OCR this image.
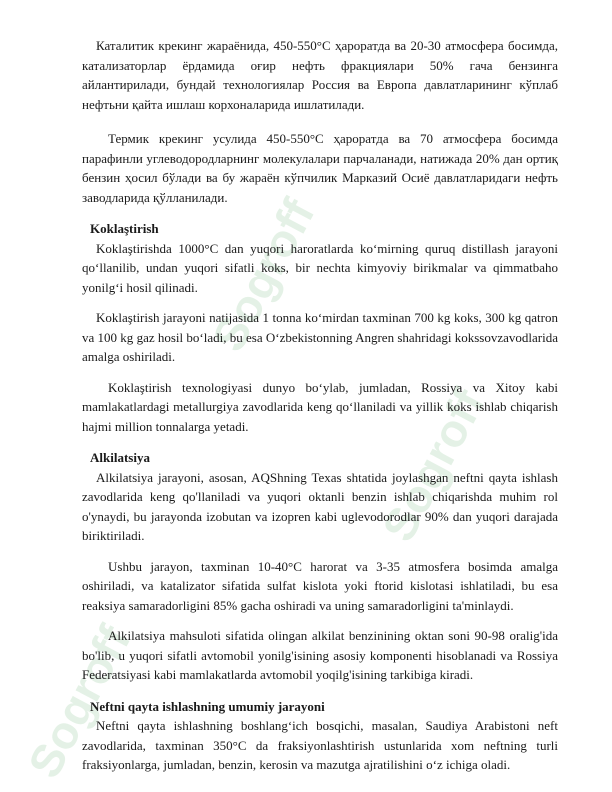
Sogroff
Sogroff
Sogroff

Каталитик крекинг жараёнида, 450-550°С ҳароратда ва 20-30 атмосфера босимда, катализаторлар ёрдамида оғир нефть фракциялари 50% гача бензинга айлантирилади, бундай технологиялар Россия ва Европа давлатларининг кўплаб нефтьни қайта ишлаш корхоналарида ишлатилади.

Термик крекинг усулида 450-550°С ҳароратда ва 70 атмосфера босимда парафинли углеводородларнинг молекулалари парчаланади, натижада 20% дан ортиқ бензин ҳосил бўлади ва бу жараён кўпчилик Марказий Осиё давлатларидаги нефть заводларида қўлланилади.

Koklaştirish

Koklaştirishda 1000°C dan yuqori haroratlarda ko‘mirning quruq distillash jarayoni qo‘llanilib, undan yuqori sifatli koks, bir nechta kimyoviy birikmalar va qimmatbaho yonilg‘i hosil qilinadi.

Koklaştirish jarayoni natijasida 1 tonna ko‘mirdan taxminan 700 kg koks, 300 kg qatron va 100 kg gaz hosil bo‘ladi, bu esa O‘zbekistonning Angren shahridagi kokssovzavodlarida amalga oshiriladi.

Koklaştirish texnologiyasi dunyo bo‘ylab, jumladan, Rossiya va Xitoy kabi mamlakatlardagi metallurgiya zavodlarida keng qo‘llaniladi va yillik koks ishlab chiqarish hajmi million tonnalarga yetadi.

Alkilatsiya

Alkilatsiya jarayoni, asosan, AQShning Texas shtatida joylashgan neftni qayta ishlash zavodlarida keng qo'llaniladi va yuqori oktanli benzin ishlab chiqarishda muhim rol o'ynaydi, bu jarayonda izobutan va izopren kabi uglevodorodlar 90% dan yuqori darajada biriktiriladi.

Ushbu jarayon, taxminan 10-40°C harorat va 3-35 atmosfera bosimda amalga oshiriladi, va katalizator sifatida sulfat kislota yoki ftorid kislotasi ishlatiladi, bu esa reaksiya samaradorligini 85% gacha oshiradi va uning samaradorligini ta'minlaydi.

Alkilatsiya mahsuloti sifatida olingan alkilat benzinining oktan soni 90-98 oralig'ida bo'lib, u yuqori sifatli avtomobil yonilg'isining asosiy komponenti hisoblanadi va Rossiya Federatsiyasi kabi mamlakatlarda avtomobil yoqilg'isining tarkibiga kiradi.

Neftni qayta ishlashning umumiy jarayoni

Neftni qayta ishlashning boshlang‘ich bosqichi, masalan, Saudiya Arabistoni neft zavodlarida, taxminan 350°C da fraksiyonlashtirish ustunlarida xom neftning turli fraksiyonlarga, jumladan, benzin, kerosin va mazutga ajratilishini o‘z ichiga oladi.
